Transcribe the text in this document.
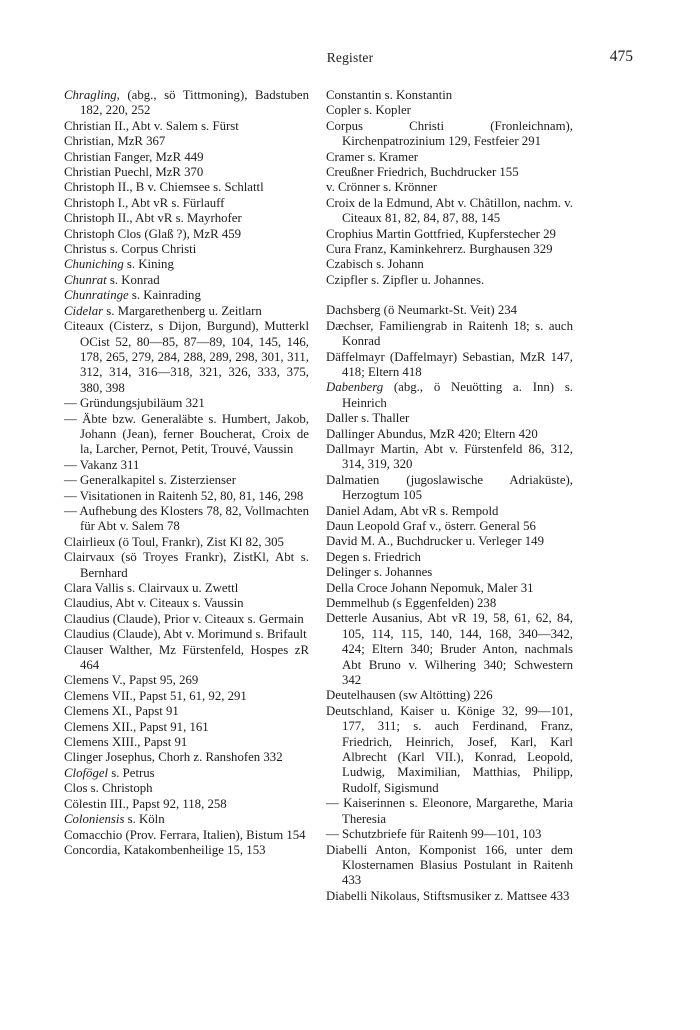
Register	475
Chragling, (abg., sö Tittmoning), Badstuben 182, 220, 252
Christian II., Abt v. Salem s. Fürst
Christian, MzR 367
Christian Fanger, MzR 449
Christian Puechl, MzR 370
Christoph II., B v. Chiemsee s. Schlattl
Christoph I., Abt vR s. Fürlauff
Christoph II., Abt vR s. Mayrhofer
Christoph Clos (Glaß ?), MzR 459
Christus s. Corpus Christi
Chuniching s. Kining
Chunrat s. Konrad
Chunratinge s. Kainrading
Cidelar s. Margarethenberg u. Zeitlarn
Citeaux (Cisterz, s Dijon, Burgund), Mutterkl OCist 52, 80—85, 87—89, 104, 145, 146, 178, 265, 279, 284, 288, 289, 298, 301, 311, 312, 314, 316—318, 321, 326, 333, 375, 380, 398
— Gründungsjubiläum 321
— Äbte bzw. Generaläbte s. Humbert, Jakob, Johann (Jean), ferner Boucherat, Croix de la, Larcher, Pernot, Petit, Trouvé, Vaussin
— Vakanz 311
— Generalkapitel s. Zisterzienser
— Visitationen in Raitenh 52, 80, 81, 146, 298
— Aufhebung des Klosters 78, 82, Vollmachten für Abt v. Salem 78
Clairlieux (ö Toul, Frankr), Zist Kl 82, 305
Clairvaux (sö Troyes Frankr), ZistKl, Abt s. Bernhard
Clara Vallis s. Clairvaux u. Zwettl
Claudius, Abt v. Citeaux s. Vaussin
Claudius (Claude), Prior v. Citeaux s. Germain
Claudius (Claude), Abt v. Morimund s. Brifault
Clauser Walther, Mz Fürstenfeld, Hospes zR 464
Clemens V., Papst 95, 269
Clemens VII., Papst 51, 61, 92, 291
Clemens XI., Papst 91
Clemens XII., Papst 91, 161
Clemens XIII., Papst 91
Clinger Josephus, Chorh z. Ranshofen 332
Clofögel s. Petrus
Clos s. Christoph
Cölestin III., Papst 92, 118, 258
Coloniensis s. Köln
Comacchio (Prov. Ferrara, Italien), Bistum 154
Concordia, Katakombenheilige 15, 153
Constantin s. Konstantin
Copler s. Kopler
Corpus Christi (Fronleichnam), Kirchenpatrozinium 129, Festfeier 291
Cramer s. Kramer
Creußner Friedrich, Buchdrucker 155
v. Crönner s. Krönner
Croix de la Edmund, Abt v. Châtillon, nachm. v. Citeaux 81, 82, 84, 87, 88, 145
Crophius Martin Gottfried, Kupferstecher 29
Cura Franz, Kaminkehrerz. Burghausen 329
Czabisch s. Johann
Czipfler s. Zipfler u. Johannes.
Dachsberg (ö Neumarkt-St. Veit) 234
Dæchser, Familiengrab in Raitenh 18; s. auch Konrad
Däffelmayr (Daffelmayr) Sebastian, MzR 147, 418; Eltern 418
Dabenberg (abg., ö Neuötting a. Inn) s. Heinrich
Daller s. Thaller
Dallinger Abundus, MzR 420; Eltern 420
Dallmayr Martin, Abt v. Fürstenfeld 86, 312, 314, 319, 320
Dalmatien (jugoslawische Adriaküste), Herzogtum 105
Daniel Adam, Abt vR s. Rempold
Daun Leopold Graf v., österr. General 56
David M. A., Buchdrucker u. Verleger 149
Degen s. Friedrich
Delinger s. Johannes
Della Croce Johann Nepomuk, Maler 31
Demmelhub (s Eggenfelden) 238
Detterle Ausanius, Abt vR 19, 58, 61, 62, 84, 105, 114, 115, 140, 144, 168, 340—342, 424; Eltern 340; Bruder Anton, nachmals Abt Bruno v. Wilhering 340; Schwestern 342
Deutelhausen (sw Altötting) 226
Deutschland, Kaiser u. Könige 32, 99—101, 177, 311; s. auch Ferdinand, Franz, Friedrich, Heinrich, Josef, Karl, Karl Albrecht (Karl VII.), Konrad, Leopold, Ludwig, Maximilian, Matthias, Philipp, Rudolf, Sigismund
— Kaiserinnen s. Eleonore, Margarethe, Maria Theresia
— Schutzbriefe für Raitenh 99—101, 103
Diabelli Anton, Komponist 166, unter dem Klosternamen Blasius Postulant in Raitenh 433
Diabelli Nikolaus, Stiftsmusiker z. Mattsee 433
